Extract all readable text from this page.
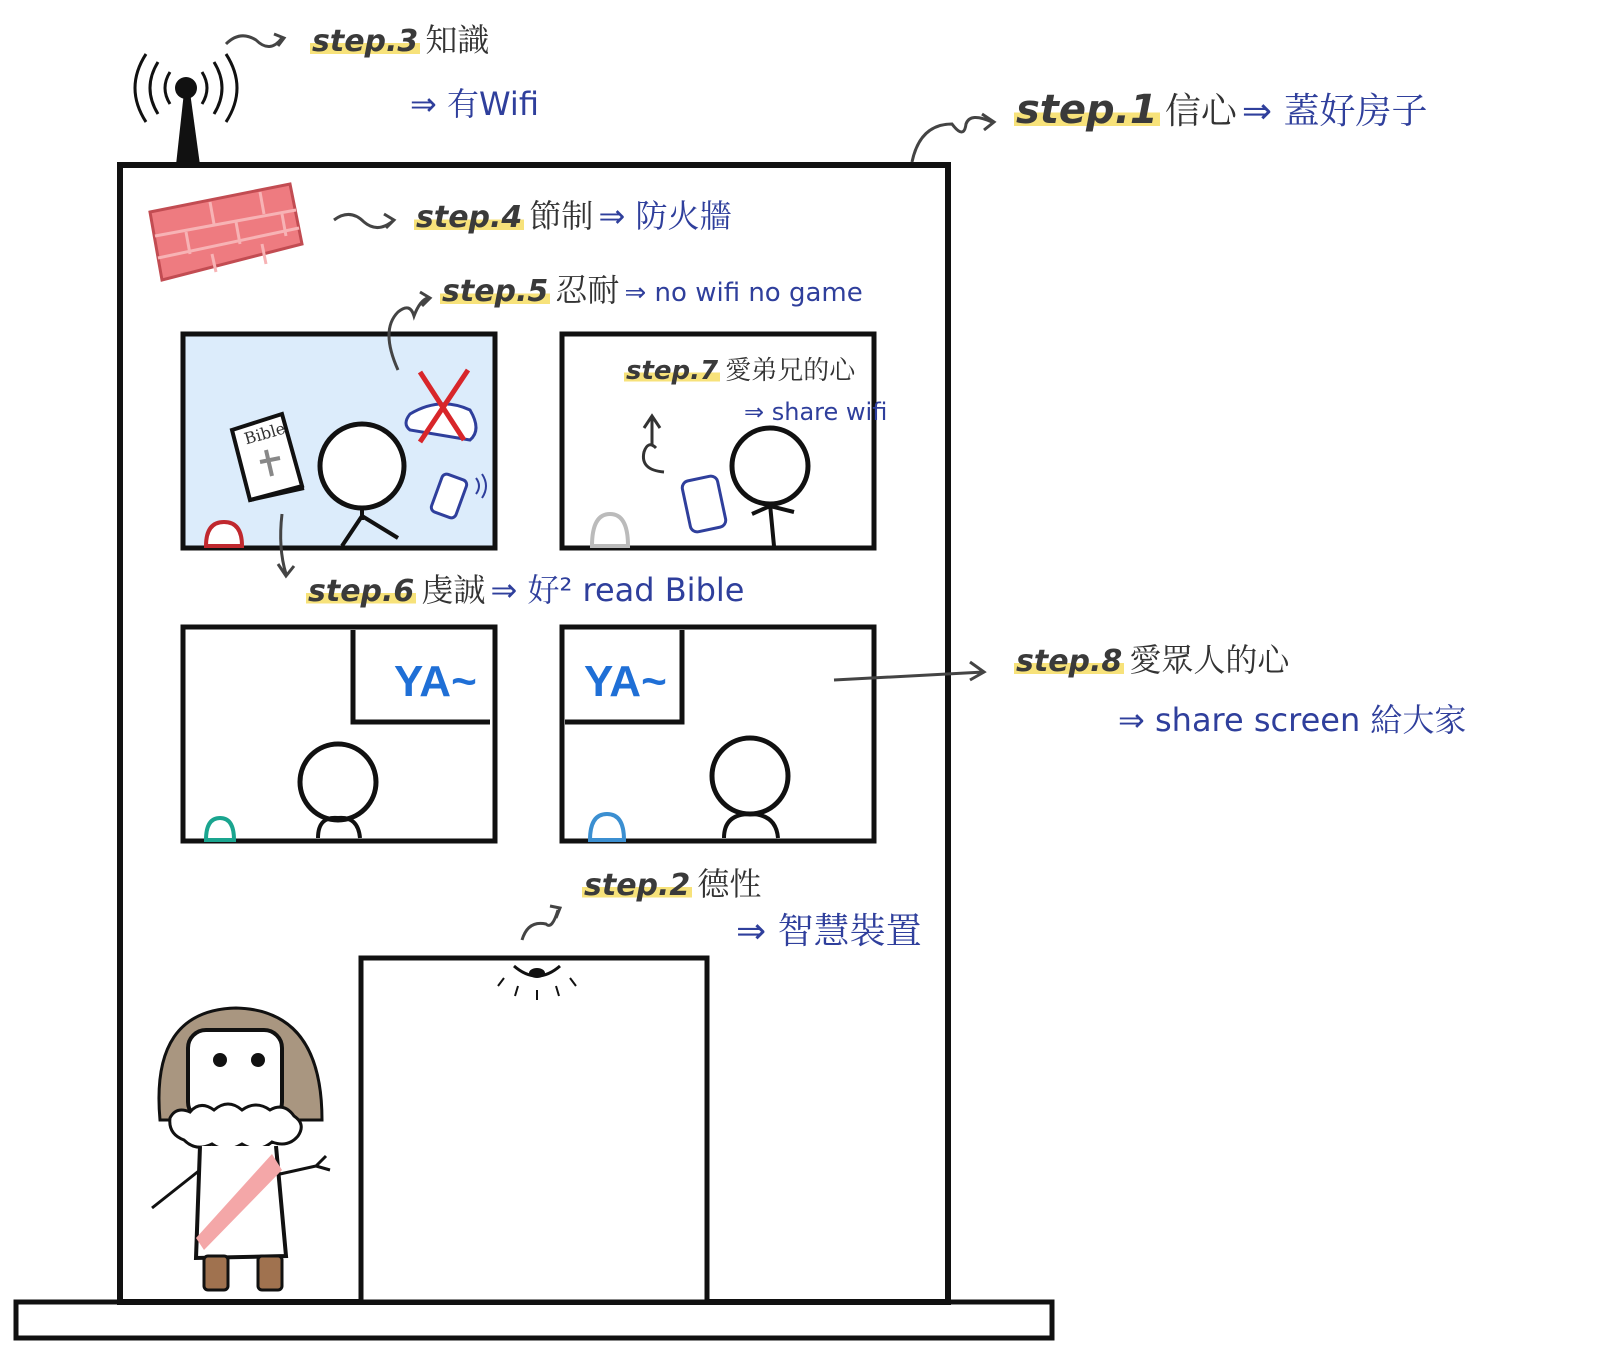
step.3 知識
⇒ 有Wifi	step.1 信心 ⇒ 蓋好房子
step.4 節制 ⇒ 防火牆
step.5 忍耐 ⇒ no wifi no game
step.7 愛弟兄的心
⇒ share wifi
step.6 虔誠 ⇒ 好² read Bible
step.8 愛眾人的心
⇒ share screen 給大家
step.2 德性
⇒ 智慧裝置
YA~ YA~
Bible
